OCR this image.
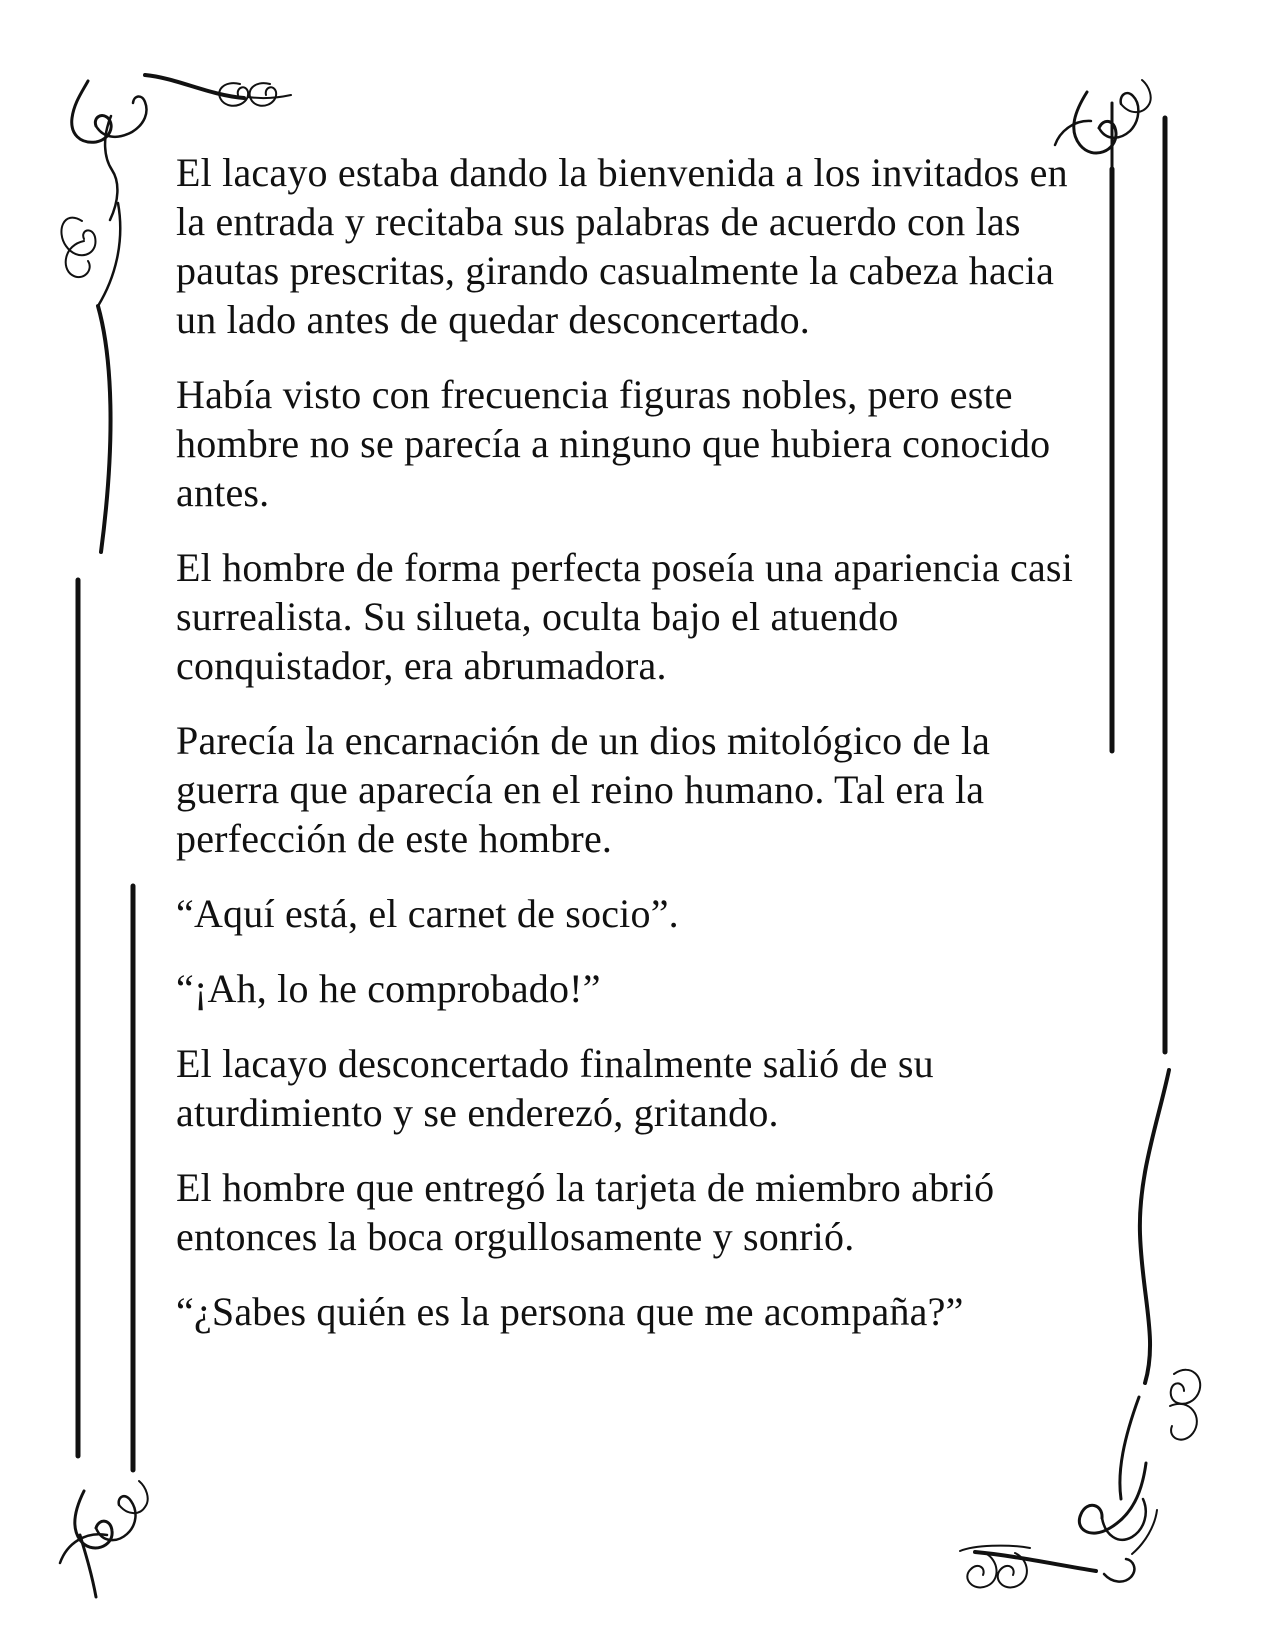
El lacayo estaba dando la bienvenida a los invitados en la entrada y recitaba sus palabras de acuerdo con las pautas prescritas, girando casualmente la cabeza hacia un lado antes de quedar desconcertado.

Había visto con frecuencia figuras nobles, pero este hombre no se parecía a ninguno que hubiera conocido antes.

El hombre de forma perfecta poseía una apariencia casi surrealista. Su silueta, oculta bajo el atuendo conquistador, era abrumadora.

Parecía la encarnación de un dios mitológico de la guerra que aparecía en el reino humano. Tal era la perfección de este hombre.

“Aquí está, el carnet de socio”.

“¡Ah, lo he comprobado!”

El lacayo desconcertado finalmente salió de su aturdimiento y se enderezó, gritando.

El hombre que entregó la tarjeta de miembro abrió entonces la boca orgullosamente y sonrió.

“¿Sabes quién es la persona que me acompaña?”
